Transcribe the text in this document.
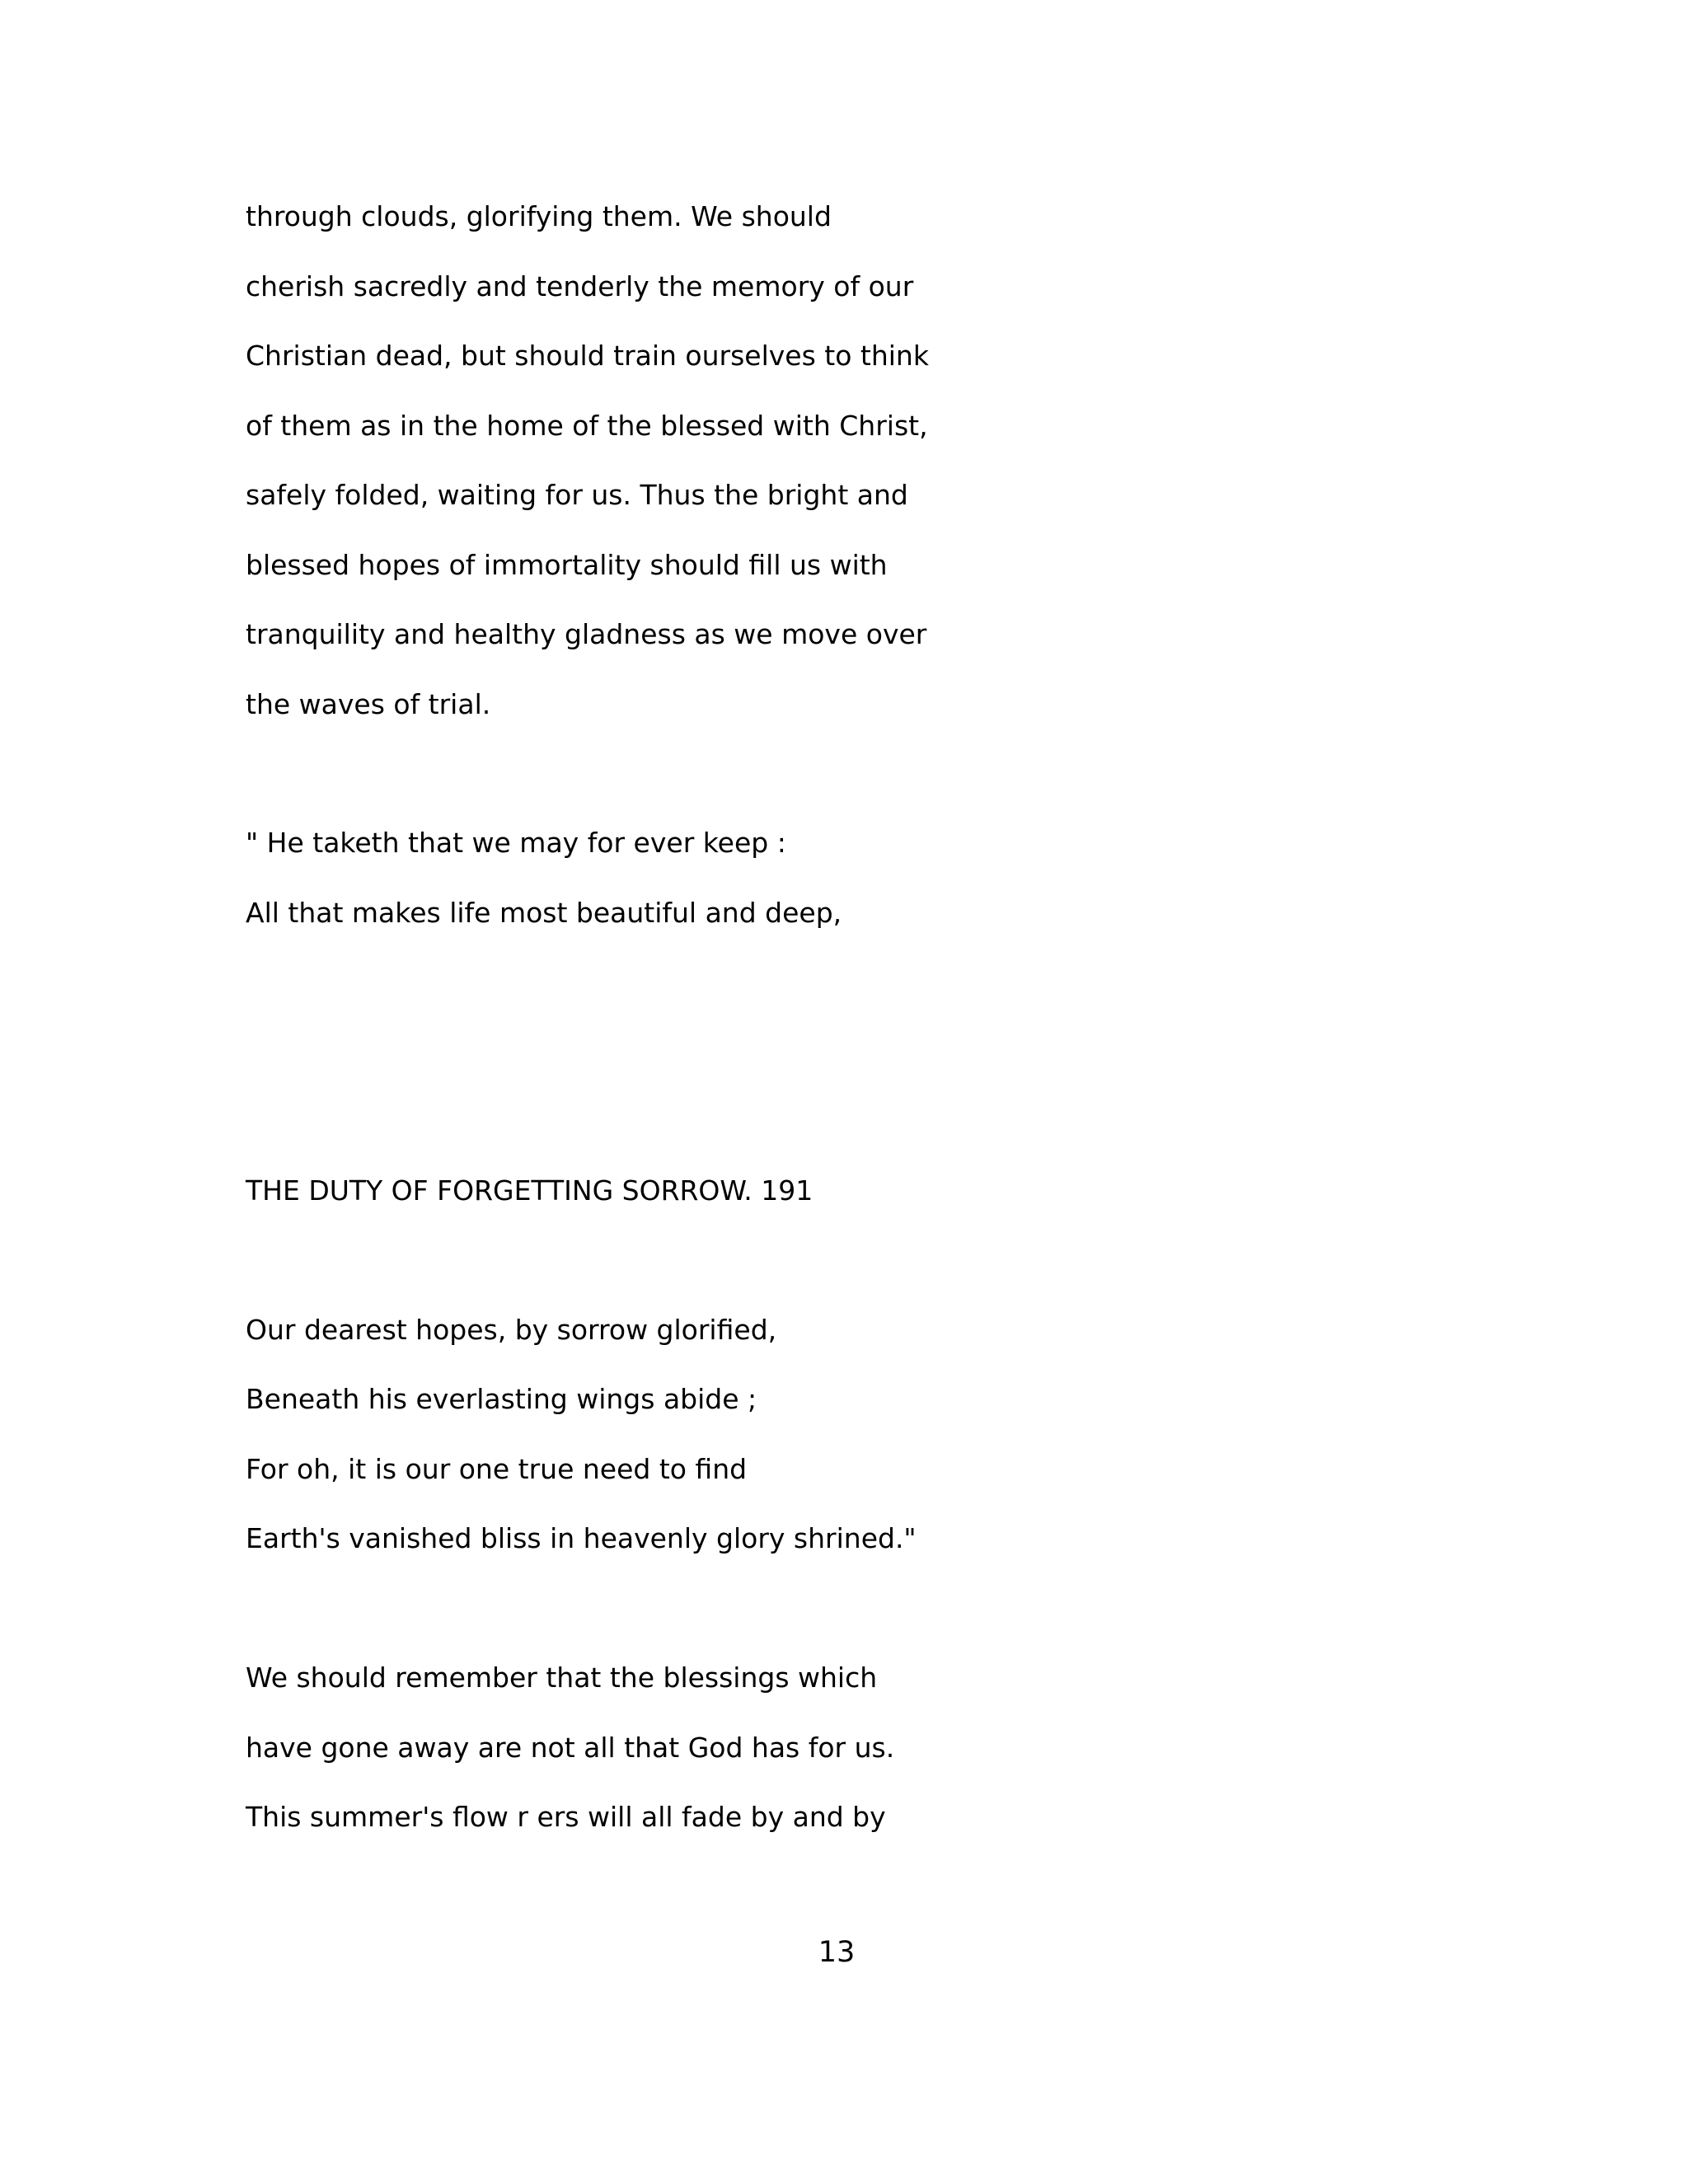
through clouds, glorifying them. We should
cherish sacredly and tenderly the memory of our
Christian dead, but should train ourselves to think
of them as in the home of the blessed with Christ,
safely folded, waiting for us. Thus the bright and
blessed hopes of immortality should fill us with
tranquility and healthy gladness as we move over
the waves of trial.
" He taketh that we may for ever keep :
All that makes life most beautiful and deep,
THE DUTY OF FORGETTING SORROW. 191
Our dearest hopes, by sorrow glorified,
Beneath his everlasting wings abide ;
For oh, it is our one true need to find
Earth's vanished bliss in heavenly glory shrined."
We should remember that the blessings which
have gone away are not all that God has for us.
This summer's flow r ers will all fade by and by
13
